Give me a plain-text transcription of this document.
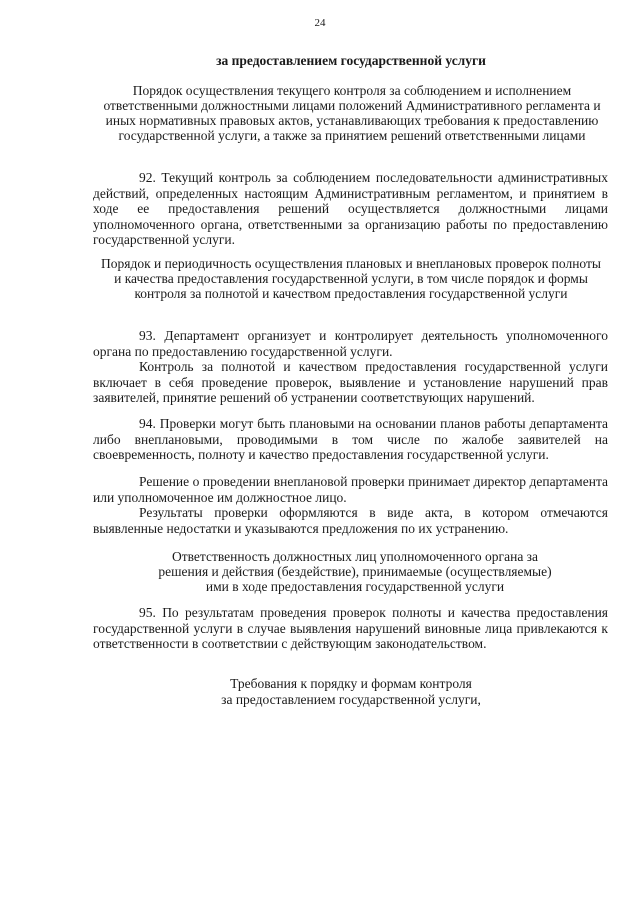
24
за предоставлением государственной услуги
Порядок осуществления текущего контроля за соблюдением и исполнением ответственными должностными лицами положений Административного регламента и иных нормативных правовых актов, устанавливающих требования к предоставлению государственной услуги, а также за принятием решений ответственными лицами

92. Текущий контроль за соблюдением последовательности административных действий, определенных настоящим Административным регламентом, и принятием в ходе ее предоставления решений осуществляется должностными лицами уполномоченного органа, ответственными за организацию работы по предоставлению государственной услуги.

Порядок и периодичность осуществления плановых и внеплановых проверок полноты и качества предоставления государственной услуги, в том числе порядок и формы контроля за полнотой и качеством предоставления государственной услуги

93. Департамент организует и контролирует деятельность уполномоченного органа по предоставлению государственной услуги.

Контроль за полнотой и качеством предоставления государственной услуги включает в себя проведение проверок, выявление и установление нарушений прав заявителей, принятие решений об устранении соответствующих нарушений.

94. Проверки могут быть плановыми на основании планов работы департамента либо внеплановыми, проводимыми в том числе по жалобе заявителей на своевременность, полноту и качество предоставления государственной услуги.

Решение о проведении внеплановой проверки принимает директор департамента или уполномоченное им должностное лицо.

Результаты проверки оформляются в виде акта, в котором отмечаются выявленные недостатки и указываются предложения по их устранению.

Ответственность должностных лиц уполномоченного органа за решения и действия (бездействие), принимаемые (осуществляемые) ими в ходе предоставления государственной услуги

95. По результатам проведения проверок полноты и качества предоставления государственной услуги в случае выявления нарушений виновные лица привлекаются к ответственности в соответствии с действующим законодательством.

Требования к порядку и формам контроля
за предоставлением государственной услуги,
